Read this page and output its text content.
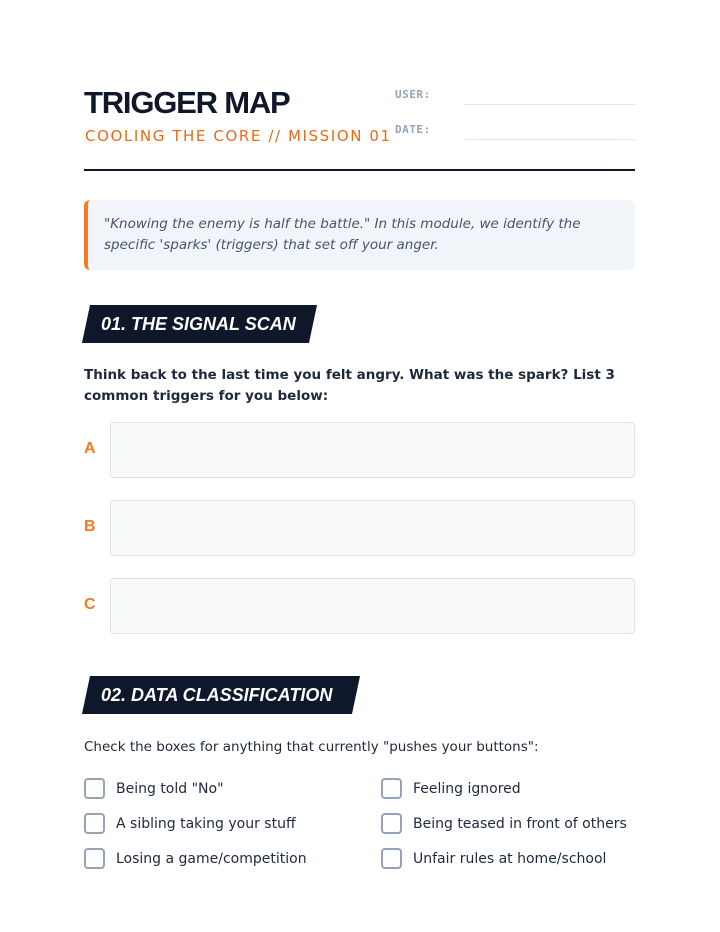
TRIGGER MAP
COOLING THE CORE // MISSION 01
USER:
DATE:

"Knowing the enemy is half the battle." In this module, we identify the specific 'sparks' (triggers) that set off your anger.

01. THE SIGNAL SCAN
Think back to the last time you felt angry. What was the spark? List 3 common triggers for you below:
A
B
C
02. DATA CLASSIFICATION
Check the boxes for anything that currently "pushes your buttons":
Being told "No"	Feeling ignored
A sibling taking your stuff	Being teased in front of others
Losing a game/competition	Unfair rules at home/school
